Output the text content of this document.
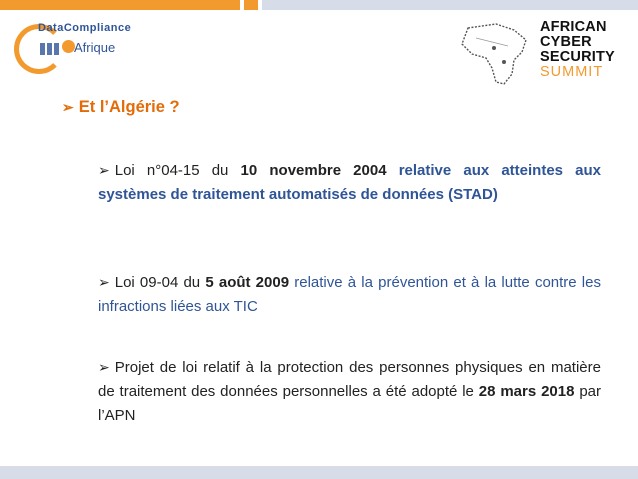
DataCompliance
Afrique
AFRICAN
CYBER
SECURITY
SUMMIT
➢ Et l’Algérie ?
➢ Loi n°04-15 du 10 novembre 2004 relative aux atteintes aux systèmes de traitement automatisés de données (STAD)
➢ Loi 09-04 du 5 août 2009 relative à la prévention et à la lutte contre les infractions liées aux TIC
➢ Projet de loi relatif à la protection des personnes physiques en matière de traitement des données personnelles a été adopté le 28 mars 2018 par l’APN
